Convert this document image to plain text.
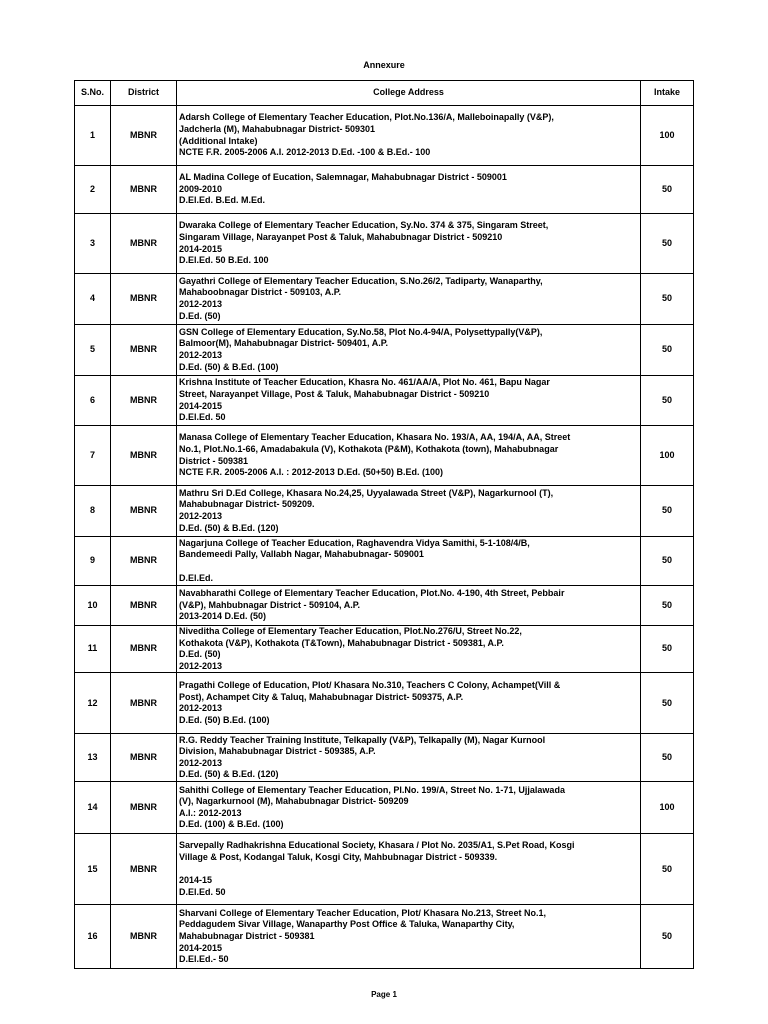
Annexure
S.No.	District	College Address	Intake
1	MBNR	Adarsh College of Elementary Teacher Education, Plot.No.136/A, Malleboinapally (V&P),
Jadcherla (M), Mahabubnagar District- 509301
(Additional Intake)
NCTE F.R. 2005-2006 A.I. 2012-2013 D.Ed. -100 & B.Ed.- 100	100
2	MBNR	AL Madina College of Eucation, Salemnagar, Mahabubnagar District - 509001
2009-2010
D.El.Ed. B.Ed. M.Ed.	50
3	MBNR	Dwaraka College of Elementary Teacher Education, Sy.No. 374 & 375, Singaram Street,
Singaram Village, Narayanpet Post & Taluk, Mahabubnagar District - 509210
2014-2015
D.El.Ed. 50 B.Ed. 100	50
4	MBNR	Gayathri College of Elementary Teacher Education, S.No.26/2, Tadiparty, Wanaparthy,
Mahaboobnagar District - 509103, A.P.
2012-2013
D.Ed. (50)	50
5	MBNR	GSN College of Elementary Education, Sy.No.58, Plot No.4-94/A, Polysettypally(V&P),
Balmoor(M), Mahabubnagar District- 509401, A.P.
2012-2013
D.Ed. (50) & B.Ed. (100)	50
6	MBNR	Krishna Institute of Teacher Education, Khasra No. 461/AA/A, Plot No. 461, Bapu Nagar
Street, Narayanpet Village, Post & Taluk, Mahabubnagar District - 509210
2014-2015
D.El.Ed. 50	50
7	MBNR	Manasa College of Elementary Teacher Education, Khasara No. 193/A, AA, 194/A, AA, Street
No.1, Plot.No.1-66, Amadabakula (V), Kothakota (P&M), Kothakota (town), Mahabubnagar
District - 509381
NCTE F.R. 2005-2006 A.I. : 2012-2013 D.Ed. (50+50) B.Ed. (100)	100
8	MBNR	Mathru Sri D.Ed College, Khasara No.24,25, Uyyalawada Street (V&P), Nagarkurnool (T),
Mahabubnagar District- 509209.
2012-2013
D.Ed. (50) & B.Ed. (120)	50
9	MBNR	Nagarjuna College of Teacher Education, Raghavendra Vidya Samithi, 5-1-108/4/B,
Bandemeedi Pally, Vallabh Nagar, Mahabubnagar- 509001

D.El.Ed.	50
10	MBNR	Navabharathi College of Elementary Teacher Education, Plot.No. 4-190, 4th Street, Pebbair
(V&P), Mahbubnagar District - 509104, A.P.
2013-2014 D.Ed. (50)	50
11	MBNR	Niveditha College of Elementary Teacher Education, Plot.No.276/U, Street No.22,
Kothakota (V&P), Kothakota (T&Town), Mahabubnagar District - 509381, A.P.
D.Ed. (50)
2012-2013	50
12	MBNR	Pragathi College of Education, Plot/ Khasara No.310, Teachers C Colony, Achampet(Vill &
Post), Achampet City & Taluq, Mahabubnagar District- 509375, A.P.
2012-2013
D.Ed. (50) B.Ed. (100)	50
13	MBNR	R.G. Reddy Teacher Training Institute, Telkapally (V&P), Telkapally (M), Nagar Kurnool
Division, Mahabubnagar District - 509385, A.P.
2012-2013
D.Ed. (50) & B.Ed. (120)	50
14	MBNR	Sahithi College of Elementary Teacher Education, Pl.No. 199/A, Street No. 1-71, Ujjalawada
(V), Nagarkurnool (M), Mahabubnagar District- 509209
A.I.: 2012-2013
D.Ed. (100) & B.Ed. (100)	100
15	MBNR	Sarvepally Radhakrishna Educational Society, Khasara / Plot No. 2035/A1, S.Pet Road, Kosgi
Village & Post, Kodangal Taluk, Kosgi City, Mahbubnagar District - 509339.

2014-15
D.El.Ed. 50	50
16	MBNR	Sharvani College of Elementary Teacher Education, Plot/ Khasara No.213, Street No.1,
Peddagudem Sivar Village, Wanaparthy Post Office & Taluka, Wanaparthy City,
Mahabubnagar District - 509381
2014-2015
D.El.Ed.- 50	50
Page 1
